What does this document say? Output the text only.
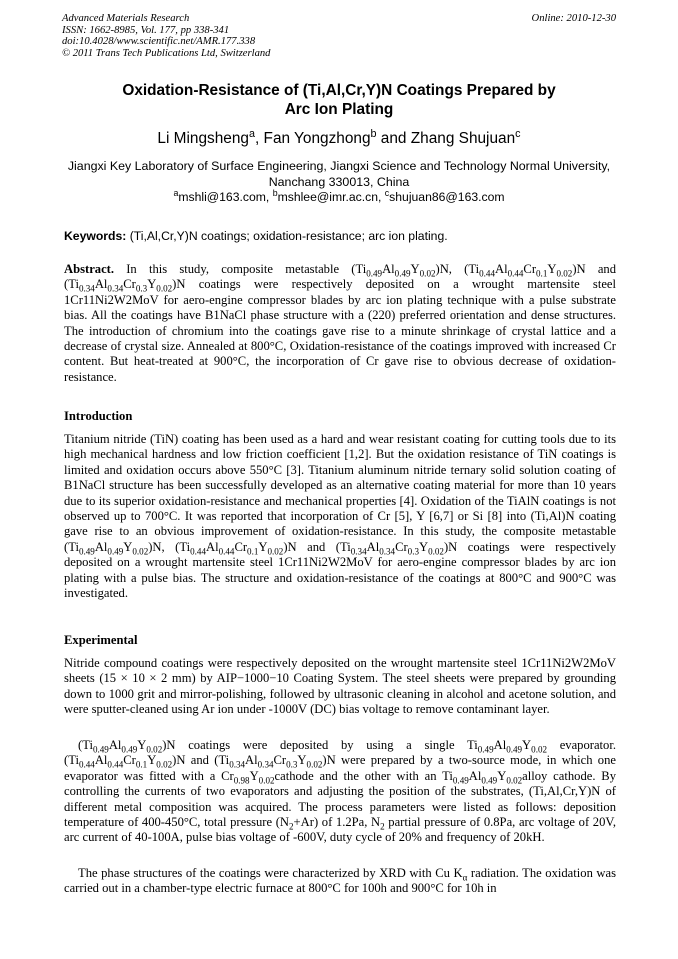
Advanced Materials Research
ISSN: 1662-8985, Vol. 177, pp 338-341
doi:10.4028/www.scientific.net/AMR.177.338
© 2011 Trans Tech Publications Ltd, Switzerland
Online: 2010-12-30
Oxidation-Resistance of (Ti,Al,Cr,Y)N Coatings Prepared by
Arc Ion Plating
Li Mingsheng$^a$, Fan Yongzhong$^b$ and Zhang Shujuan$^c$
Jiangxi Key Laboratory of Surface Engineering, Jiangxi Science and Technology Normal University,
Nanchang 330013, China
$^a$mshli@163.com, $^b$mshlee@imr.ac.cn, $^c$shujuan86@163.com
Keywords: (Ti,Al,Cr,Y)N coatings; oxidation-resistance; arc ion plating.
Abstract. In this study, composite metastable $(Ti_{0.49}Al_{0.49}Y_{0.02})N$, $(Ti_{0.44}Al_{0.44}Cr_{0.1}Y_{0.02})N$ and $(Ti_{0.34}Al_{0.34}Cr_{0.3}Y_{0.02})N$ coatings were respectively deposited on a wrought martensite steel 1Cr11Ni2W2MoV for aero-engine compressor blades by arc ion plating technique with a pulse substrate bias. All the coatings have B1NaCl phase structure with a (220) preferred orientation and dense structures. The introduction of chromium into the coatings gave rise to a minute shrinkage of crystal lattice and a decrease of crystal size. Annealed at 800°C, Oxidation-resistance of the coatings improved with increased Cr content. But heat-treated at 900°C, the incorporation of Cr gave rise to obvious decrease of oxidation-resistance.
Introduction
Titanium nitride (TiN) coating has been used as a hard and wear resistant coating for cutting tools due to its high mechanical hardness and low friction coefficient [1,2]. But the oxidation resistance of TiN coatings is limited and oxidation occurs above 550°C [3]. Titanium aluminum nitride ternary solid solution coating of B1NaCl structure has been successfully developed as an alternative coating material for more than 10 years due to its superior oxidation-resistance and mechanical properties [4]. Oxidation of the TiAlN coatings is not observed up to 700°C. It was reported that incorporation of Cr [5], Y [6,7] or Si [8] into (Ti,Al)N coating gave rise to an obvious improvement of oxidation-resistance. In this study, the composite metastable $(Ti_{0.49}Al_{0.49}Y_{0.02})N$, $(Ti_{0.44}Al_{0.44}Cr_{0.1}Y_{0.02})N$ and $(Ti_{0.34}Al_{0.34}Cr_{0.3}Y_{0.02})N$ coatings were respectively deposited on a wrought martensite steel 1Cr11Ni2W2MoV for aero-engine compressor blades by arc ion plating with a pulse bias. The structure and oxidation-resistance of the coatings at 800°C and 900°C was investigated.
Experimental
Nitride compound coatings were respectively deposited on the wrought martensite steel 1Cr11Ni2W2MoV sheets (15 × 10 × 2 mm) by AIP−1000−10 Coating System. The steel sheets were prepared by grounding down to 1000 grit and mirror-polishing, followed by ultrasonic cleaning in alcohol and acetone solution, and were sputter-cleaned using Ar ion under -1000V (DC) bias voltage to remove contaminant layer.
$(Ti_{0.49}Al_{0.49}Y_{0.02})N$ coatings were deposited by using a single $Ti_{0.49}Al_{0.49}Y_{0.02}$ evaporator. $(Ti_{0.44}Al_{0.44}Cr_{0.1}Y_{0.02})N$ and $(Ti_{0.34}Al_{0.34}Cr_{0.3}Y_{0.02})N$ were prepared by a two-source mode, in which one evaporator was fitted with a $Cr_{0.98}Y_{0.02}cathode$ and the other with an $Ti_{0.49}Al_{0.49}Y_{0.02}alloy$ cathode. By controlling the currents of two evaporators and adjusting the position of the substrates, (Ti,Al,Cr,Y)N of different metal composition was acquired. The process parameters were listed as follows: deposition temperature of 400-450°C, total pressure $(N_2+Ar)$ of 1.2Pa, $N_2$ partial pressure of 0.8Pa, arc voltage of 20V, arc current of 40-100A, pulse bias voltage of -600V, duty cycle of 20% and frequency of 20kH.
The phase structures of the coatings were characterized by XRD with Cu $K_\alpha$ radiation. The oxidation was carried out in a chamber-type electric furnace at 800°C for 100h and 900°C for 10h in
